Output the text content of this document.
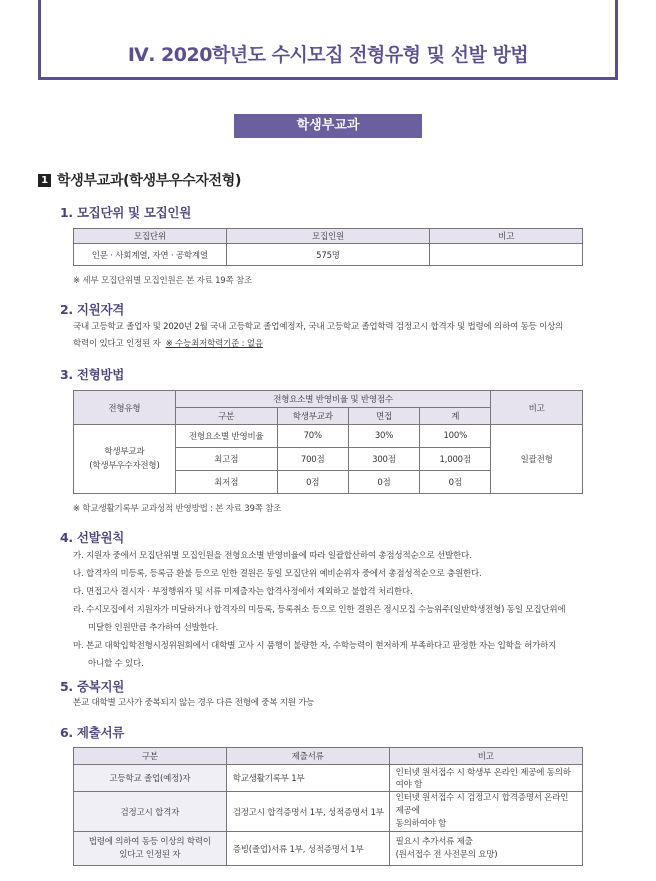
Ⅳ. 2020학년도 수시모집 전형유형 및 선발 방법
학생부교과
1 학생부교과(학생부우수자전형)
1. 모집단위 및 모집인원
모집단위	모집인원	비고
인문 · 사회계열, 자연 · 공학계열	575명	
※ 세부 모집단위별 모집인원은 본 자료 19쪽 참조
2. 지원자격
국내 고등학교 졸업자 및 2020년 2월 국내 고등학교 졸업예정자, 국내 고등학교 졸업학력 검정고시 합격자 및 법령에 의하여 동등 이상의
학력이 있다고 인정된 자 ※ 수능최저학력기준 : 없음
3. 전형방법
전형유형	전형요소별 반영비율 및 반영점수				비고
	구분	학생부교과	면접	계	
학생부교과
(학생부우수자전형)	전형요소별 반영비율	70%	30%	100%	일괄전형
	최고점	700점	300점	1,000점	
	최저점	0점	0점	0점	
※ 학교생활기록부 교과성적 반영방법 : 본 자료 39쪽 참조
4. 선발원칙
가. 지원자 중에서 모집단위별 모집인원을 전형요소별 반영비율에 따라 일괄합산하여 총점성적순으로 선발한다.
나. 합격자의 미등록, 등록금 환불 등으로 인한 결원은 동일 모집단위 예비순위자 중에서 총점성적순으로 충원한다.
다. 면접고사 결시자 · 부정행위자 및 서류 미제출자는 합격사정에서 제외하고 불합격 처리한다.
라. 수시모집에서 지원자가 미달하거나 합격자의 미등록, 등록취소 등으로 인한 결원은 정시모집 수능위주(일반학생전형) 동일 모집단위에
미달한 인원만큼 추가하여 선발한다.
마. 본교 대학입학전형시정위원회에서 대학별 고사 시 품행이 불량한 자, 수학능력이 현저하게 부족하다고 판정한 자는 입학을 허가하지
아니할 수 있다.
5. 중복지원
본교 대학별 고사가 중복되지 않는 경우 다른 전형에 중복 지원 가능
6. 제출서류
구분	제출서류	비고
고등학교 졸업(예정)자	학교생활기록부 1부	인터넷 원서접수 시 학생부 온라인 제공에 동의하여야 함
검정고시 합격자	검정고시 합격증명서 1부, 성적증명서 1부	인터넷 원서접수 시 검정고시 합격증명서 온라인 제공에
동의하여야 함
법령에 의하여 동등 이상의 학력이
있다고 인정된 자	증빙(졸업)서류 1부, 성적증명서 1부	필요시 추가서류 제출
(원서접수 전 사전문의 요망)
